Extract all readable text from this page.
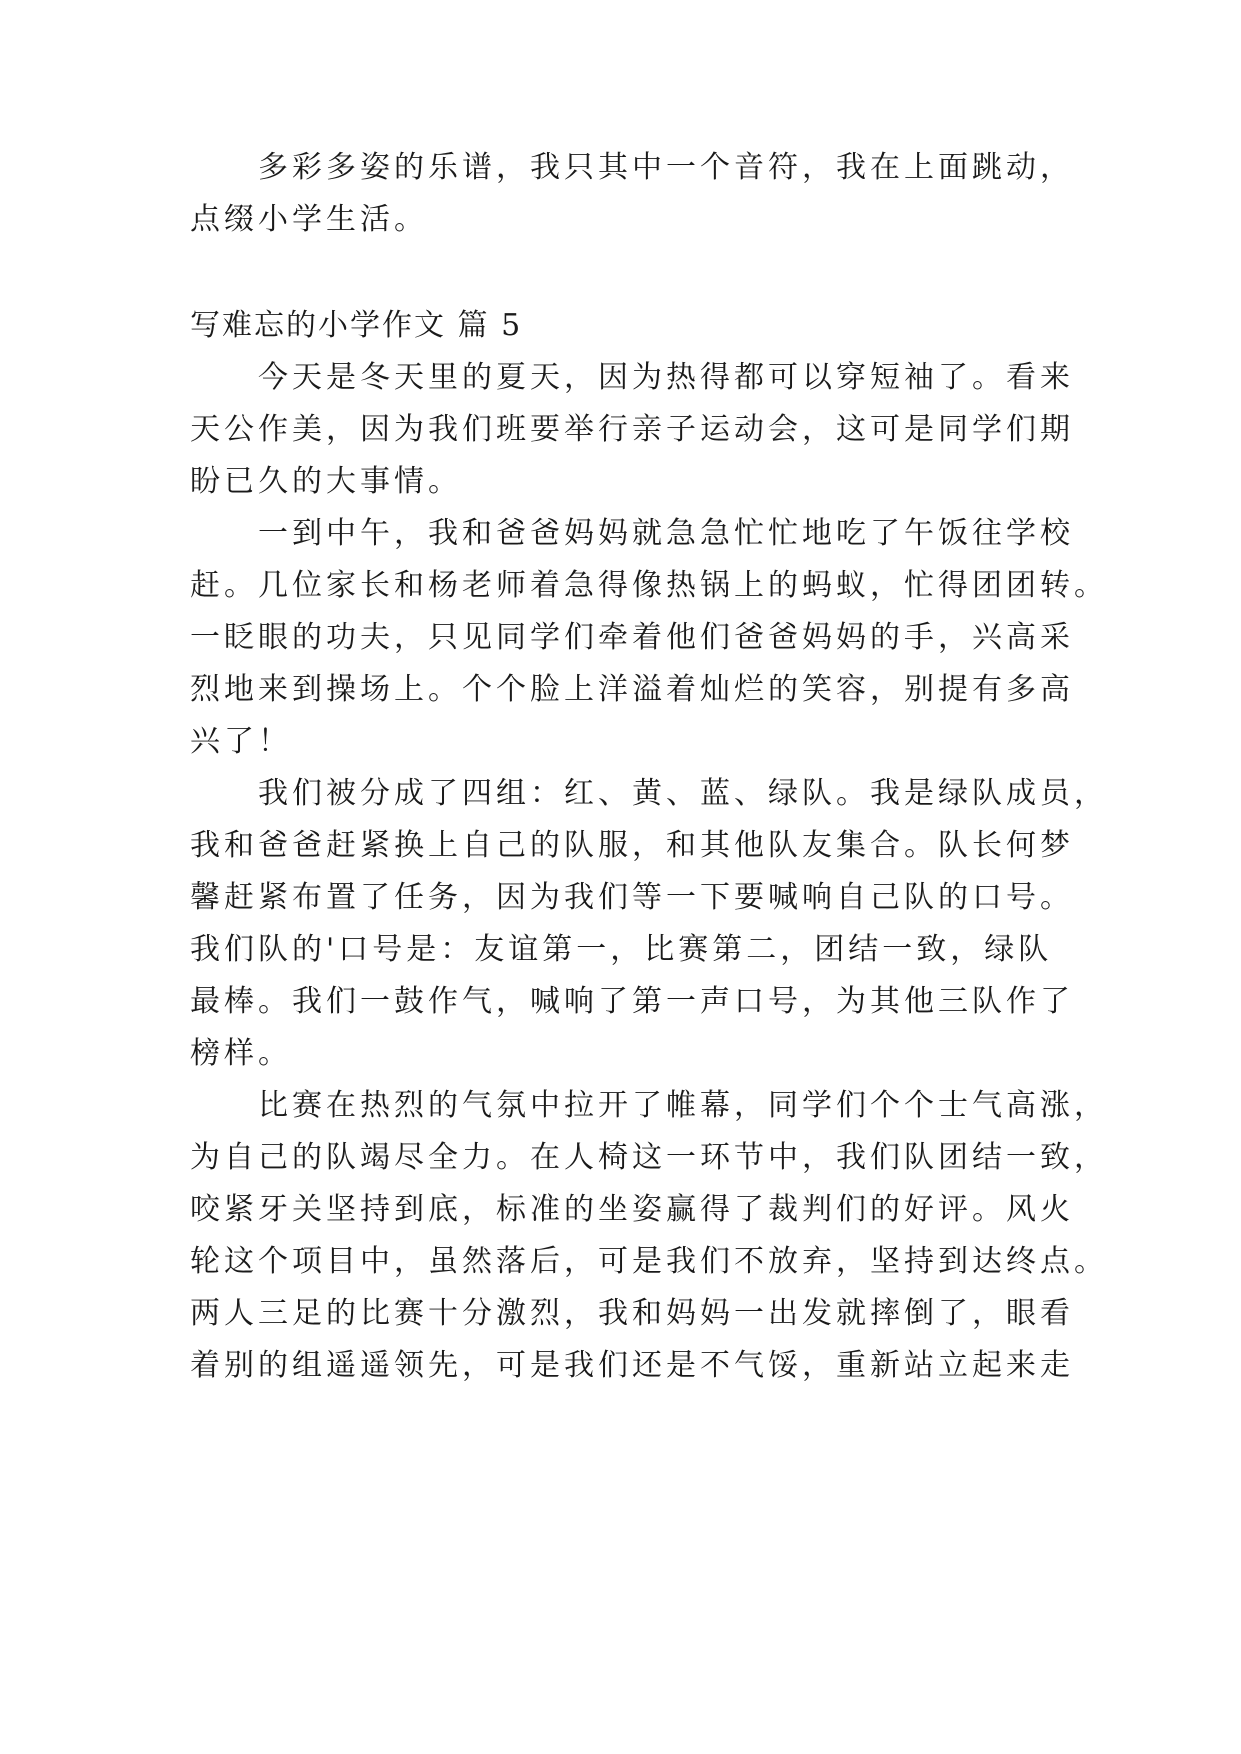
多彩多姿的乐谱，我只其中一个音符，我在上面跳动，
点缀小学生活。
写难忘的小学作文 篇 5
今天是冬天里的夏天，因为热得都可以穿短袖了。看来
天公作美，因为我们班要举行亲子运动会，这可是同学们期
盼已久的大事情。
一到中午，我和爸爸妈妈就急急忙忙地吃了午饭往学校
赶。几位家长和杨老师着急得像热锅上的蚂蚁，忙得团团转。
一眨眼的功夫，只见同学们牵着他们爸爸妈妈的手，兴高采
烈地来到操场上。个个脸上洋溢着灿烂的笑容，别提有多高
兴了！
我们被分成了四组：红、黄、蓝、绿队。我是绿队成员，
我和爸爸赶紧换上自己的队服，和其他队友集合。队长何梦
馨赶紧布置了任务，因为我们等一下要喊响自己队的口号。
我们队的'口号是：友谊第一，比赛第二，团结一致，绿队
最棒。我们一鼓作气，喊响了第一声口号，为其他三队作了
榜样。
比赛在热烈的气氛中拉开了帷幕，同学们个个士气高涨，
为自己的队竭尽全力。在人椅这一环节中，我们队团结一致，
咬紧牙关坚持到底，标准的坐姿赢得了裁判们的好评。风火
轮这个项目中，虽然落后，可是我们不放弃，坚持到达终点。
两人三足的比赛十分激烈，我和妈妈一出发就摔倒了，眼看
着别的组遥遥领先，可是我们还是不气馁，重新站立起来走
